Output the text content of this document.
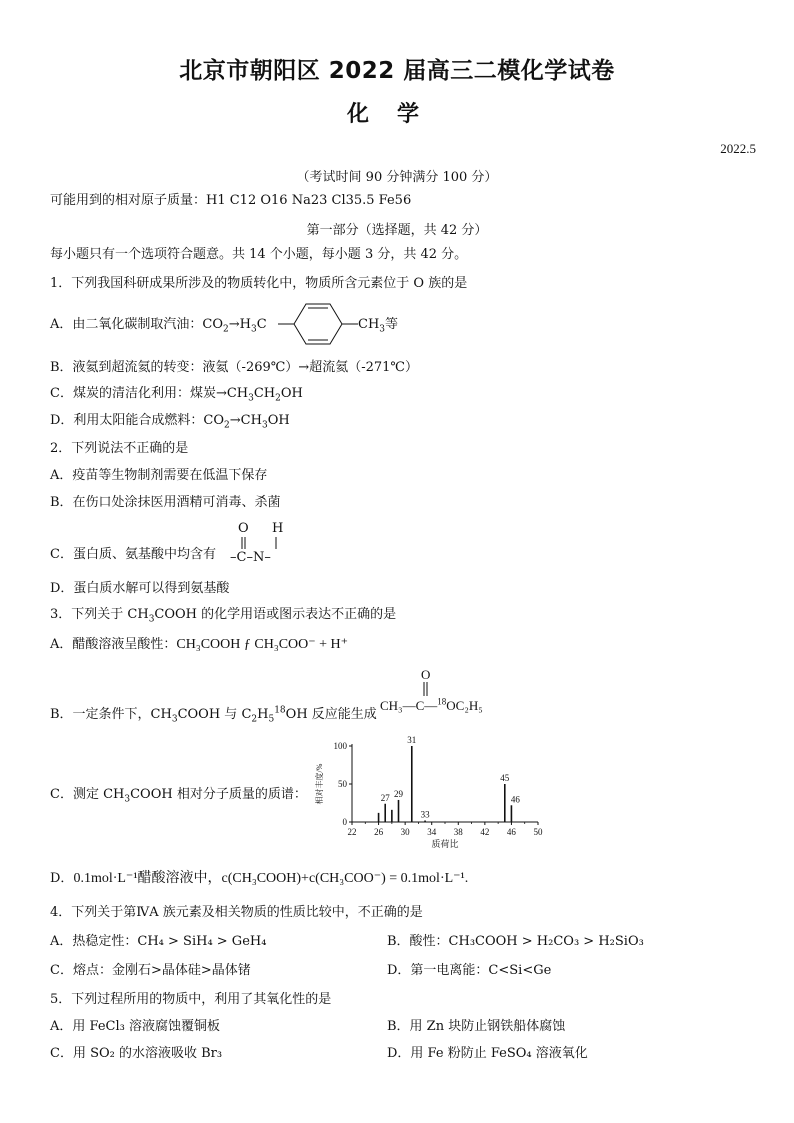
北京市朝阳区 2022 届高三二模化学试卷
化学
2022.5
（考试时间 90 分钟满分 100 分）
可能用到的相对原子质量：H1 C12 O16 Na23 Cl35.5 Fe56
第一部分（选择题，共 42 分）
每小题只有一个选项符合题意。共 14 个小题，每小题 3 分，共 42 分。
1．下列我国科研成果所涉及的物质转化中，物质所含元素位于 O 族的是
A．由二氧化碳制取汽油：$CO_2\to H_3C$	$CH_3$等
B．液氦到超流氦的转变：液氦（-269℃）→超流氦（-271℃）
C．煤炭的清洁化利用：煤炭$\to CH_3CH_2OH$
D．利用太阳能合成燃料：$CO_2\to CH_3OH$
2．下列说法不正确的是
A．疫苗等生物制剂需要在低温下保存
B．在伤口处涂抹医用酒精可消毒、杀菌
C．蛋白质、氨基酸中均含有
O H
–C–N–
D．蛋白质水解可以得到氨基酸
3．下列关于 $CH_3COOH$ 的化学用语或图示表达不正确的是
A．醋酸溶液呈酸性：CH₃COOH ƒ CH₃COO⁻ + H⁺
B．一定条件下，$CH_3COOH$ 与 $C_2H_5^{18}OH$ 反应能生成
O
CH₃—C—$^{18}$OC₂H₅
C．测定 $CH_3COOH$ 相对分子质量的质谱：
22 26 30 34 38 42 46 50
0
50
100
27 29
31
33
45
46
相对丰度/%
质荷比
D．0.1mol·L⁻¹醋酸溶液中，c(CH₃COOH)+c(CH₃COO⁻) = 0.1mol·L⁻¹.
4．下列关于第ⅣA 族元素及相关物质的性质比较中，不正确的是
A．热稳定性：CH₄ > SiH₄ > GeH₄	B．酸性：CH₃COOH > H₂CO₃ > H₂SiO₃
C．熔点：金刚石>晶体硅>晶体锗	D．第一电离能：C<Si<Ge
5．下列过程所用的物质中，利用了其氧化性的是
A．用 FeCl₃ 溶液腐蚀覆铜板	B．用 Zn 块防止钢铁船体腐蚀
C．用 SO₂ 的水溶液吸收 Br₃	D．用 Fe 粉防止 FeSO₄ 溶液氧化
